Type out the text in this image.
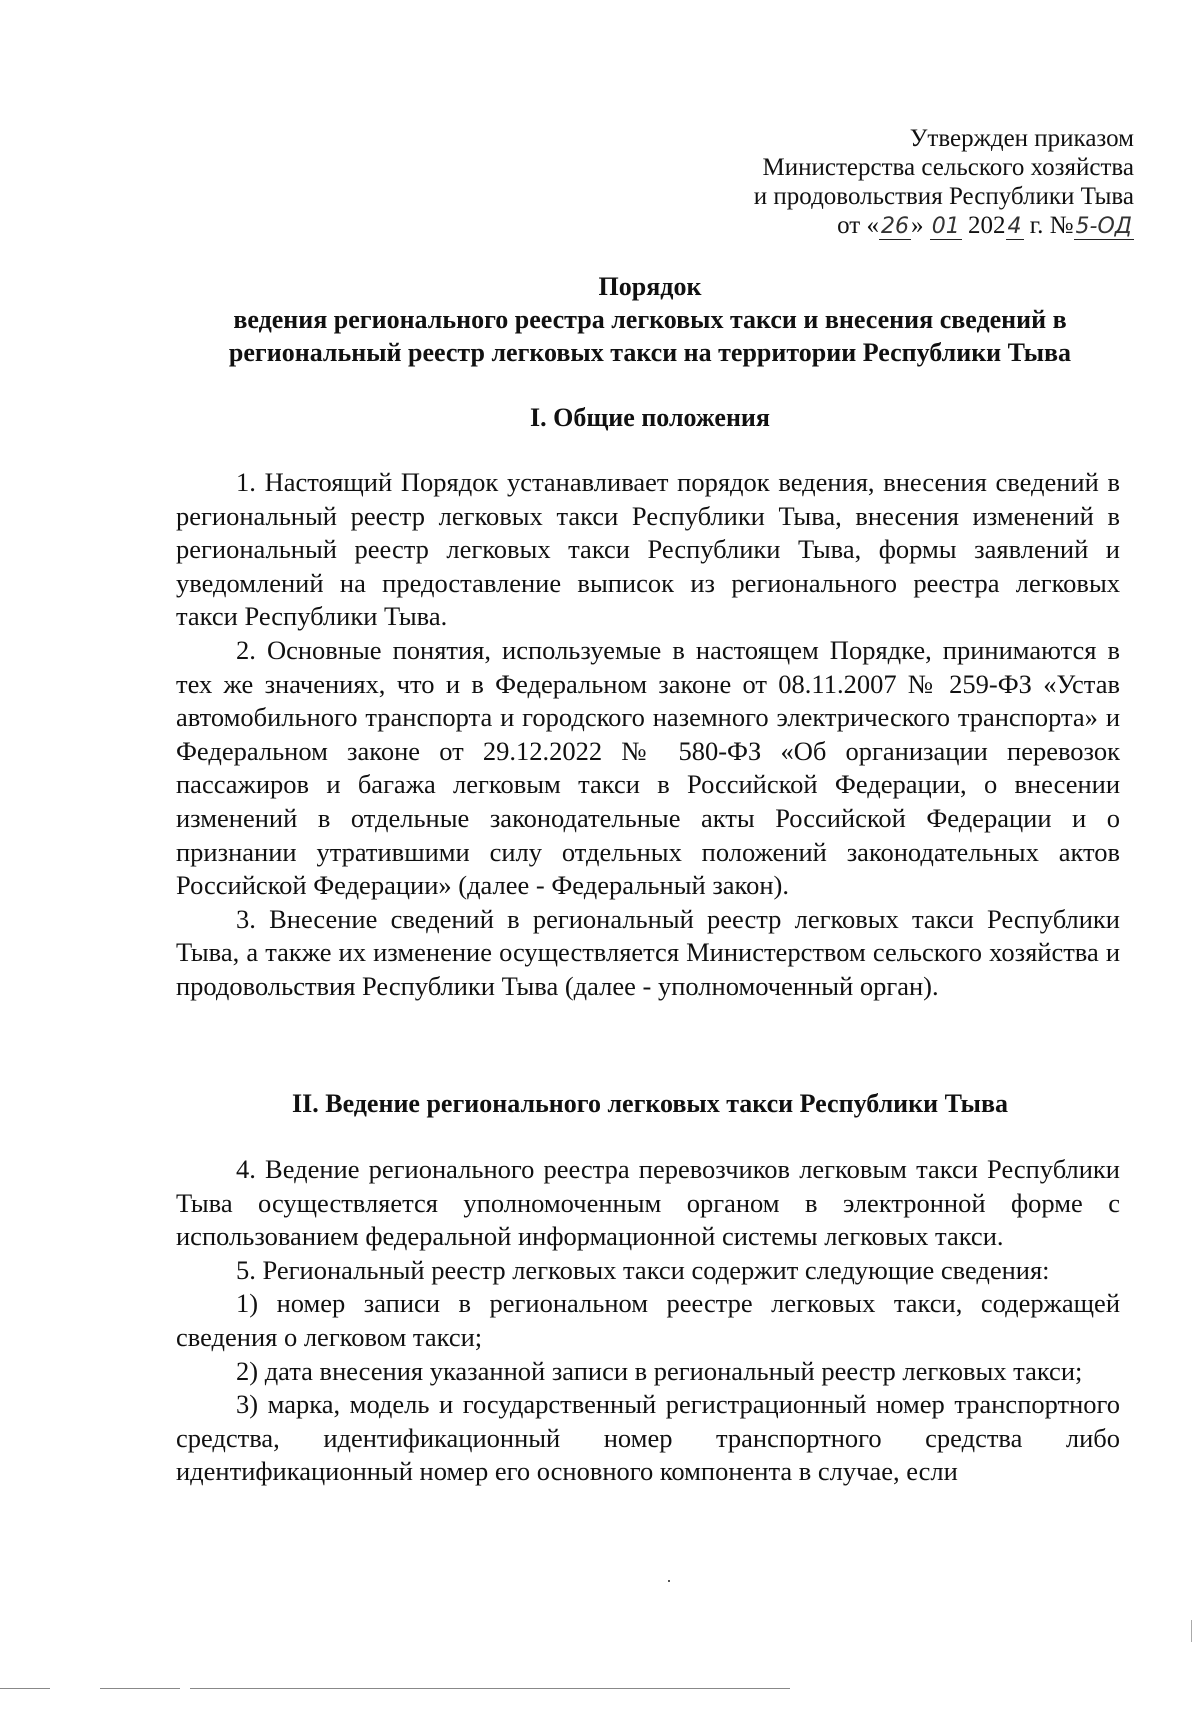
Утвержден приказом
Министерства сельского хозяйства
и продовольствия Республики Тыва
от «26» 01 2024 г. №5-ОД
Порядок
ведения регионального реестра легковых такси и внесения сведений в
региональный реестр легковых такси на территории Республики Тыва
I. Общие положения

1. Настоящий Порядок устанавливает порядок ведения, внесения сведений в региональный реестр легковых такси Республики Тыва, внесения изменений в региональный реестр легковых такси Республики Тыва, формы заявлений и уведомлений на предоставление выписок из регионального реестра легковых такси Республики Тыва.

2. Основные понятия, используемые в настоящем Порядке, принимаются в тех же значениях, что и в Федеральном законе от 08.11.2007 № 259-ФЗ «Устав автомобильного транспорта и городского наземного электрического транспорта» и Федеральном законе от 29.12.2022 № 580-ФЗ «Об организации перевозок пассажиров и багажа легковым такси в Российской Федерации, о внесении изменений в отдельные законодательные акты Российской Федерации и о признании утратившими силу отдельных положений законодательных актов Российской Федерации» (далее - Федеральный закон).

3. Внесение сведений в региональный реестр легковых такси Республики Тыва, а также их изменение осуществляется Министерством сельского хозяйства и продовольствия Республики Тыва (далее - уполномоченный орган).

II. Ведение регионального легковых такси Республики Тыва

4. Ведение регионального реестра перевозчиков легковым такси Республики Тыва осуществляется уполномоченным органом в электронной форме с использованием федеральной информационной системы легковых такси.

5. Региональный реестр легковых такси содержит следующие сведения:

1) номер записи в региональном реестре легковых такси, содержащей сведения о легковом такси;

2) дата внесения указанной записи в региональный реестр легковых такси;

3) марка, модель и государственный регистрационный номер транспортного средства, идентификационный номер транспортного средства либо идентификационный номер его основного компонента в случае, если
